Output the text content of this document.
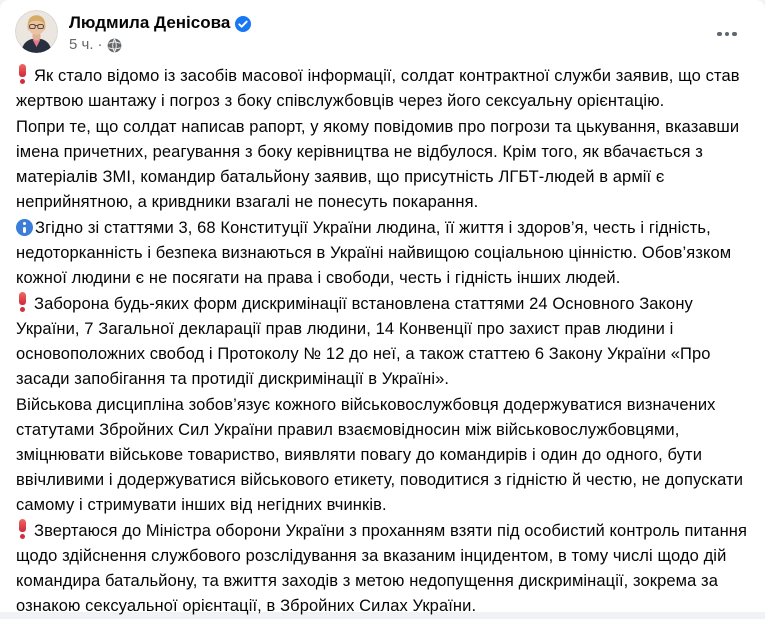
Людмила Денісова
5 ч. ·

Як стало відомо із засобів масової інформації, солдат контрактної служби заявив, що став жертвою шантажу і погроз з боку співслужбовців через його сексуальну орієнтацію.

Попри те, що солдат написав рапорт, у якому повідомив про погрози та цькування, вказавши імена причетних, реагування з боку керівництва не відбулося. Крім того, як вбачається з матеріалів ЗМІ, командир батальйону заявив, що присутність ЛГБТ-людей в армії є неприйнятною, а кривдники взагалі не понесуть покарання.

Згідно зі статтями 3, 68 Конституції України людина, її життя і здоров’я, честь і гідність, недоторканність і безпека визнаються в Україні найвищою соціальною цінністю. Обов’язком кожної людини є не посягати на права і свободи, честь і гідність інших людей.

Заборона будь-яких форм дискримінації встановлена статтями 24 Основного Закону України, 7 Загальної декларації прав людини, 14 Конвенції про захист прав людини і основоположних свобод і Протоколу № 12 до неї, а також статтею 6 Закону України «Про засади запобігання та протидії дискримінації в Україні».

Військова дисципліна зобов’язує кожного військовослужбовця додержуватися визначених статутами Збройних Сил України правил взаємовідносин між військовослужбовцями, зміцнювати військове товариство, виявляти повагу до командирів і один до одного, бути ввічливими і додержуватися військового етикету, поводитися з гідністю й честю, не допускати самому і стримувати інших від негідних вчинків.

Звертаюся до Міністра оборони України з проханням взяти під особистий контроль питання щодо здійснення службового розслідування за вказаним інцидентом, в тому числі щодо дій командира батальйону, та вжиття заходів з метою недопущення дискримінації, зокрема за ознакою сексуальної орієнтації, в Збройних Силах України.
